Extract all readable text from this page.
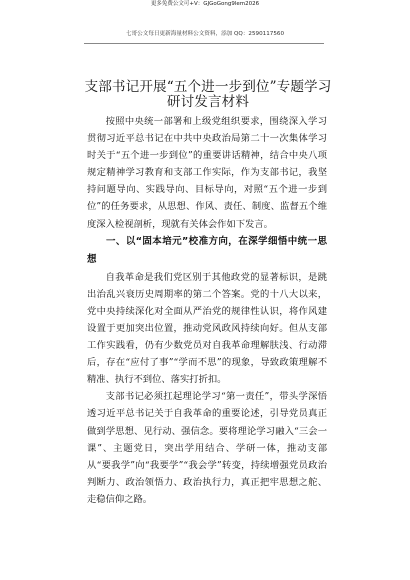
更多免费公文可+V：GJGoGong9lem2026
七哥公文每日更新海量材料公文资料，添加 QQ：2590117560
支部书记开展“五个进一步到位”专题学习研讨发言材料

按照中央统一部署和上级党组织要求，围绕深入学习贯彻习近平总书记在中共中央政治局第二十一次集体学习时关于“五个进一步到位”的重要讲话精神，结合中央八项规定精神学习教育和支部工作实际，作为支部书记，我坚持问题导向、实践导向、目标导向，对照“五个进一步到位”的任务要求，从思想、作风、责任、制度、监督五个维度深入检视剖析，现就有关体会作如下发言。

一、以“固本培元”校准方向，在深学细悟中统一思想

自我革命是我们党区别于其他政党的显著标识，是跳出治乱兴衰历史周期率的第二个答案。党的十八大以来，党中央持续深化对全面从严治党的规律性认识，将作风建设置于更加突出位置，推动党风政风持续向好。但从支部工作实践看，仍有少数党员对自我革命理解肤浅、行动滞后，存在“应付了事”“学而不思”的现象，导致政策理解不精准、执行不到位、落实打折扣。

支部书记必须扛起理论学习“第一责任”，带头学深悟透习近平总书记关于自我革命的重要论述，引导党员真正做到学思想、见行动、强信念。要将理论学习融入“三会一课”、主题党日，突出学用结合、学研一体，推动支部从“要我学”向“我要学”“我会学”转变，持续增强党员政治判断力、政治领悟力、政治执行力，真正把牢思想之舵、走稳信仰之路。
